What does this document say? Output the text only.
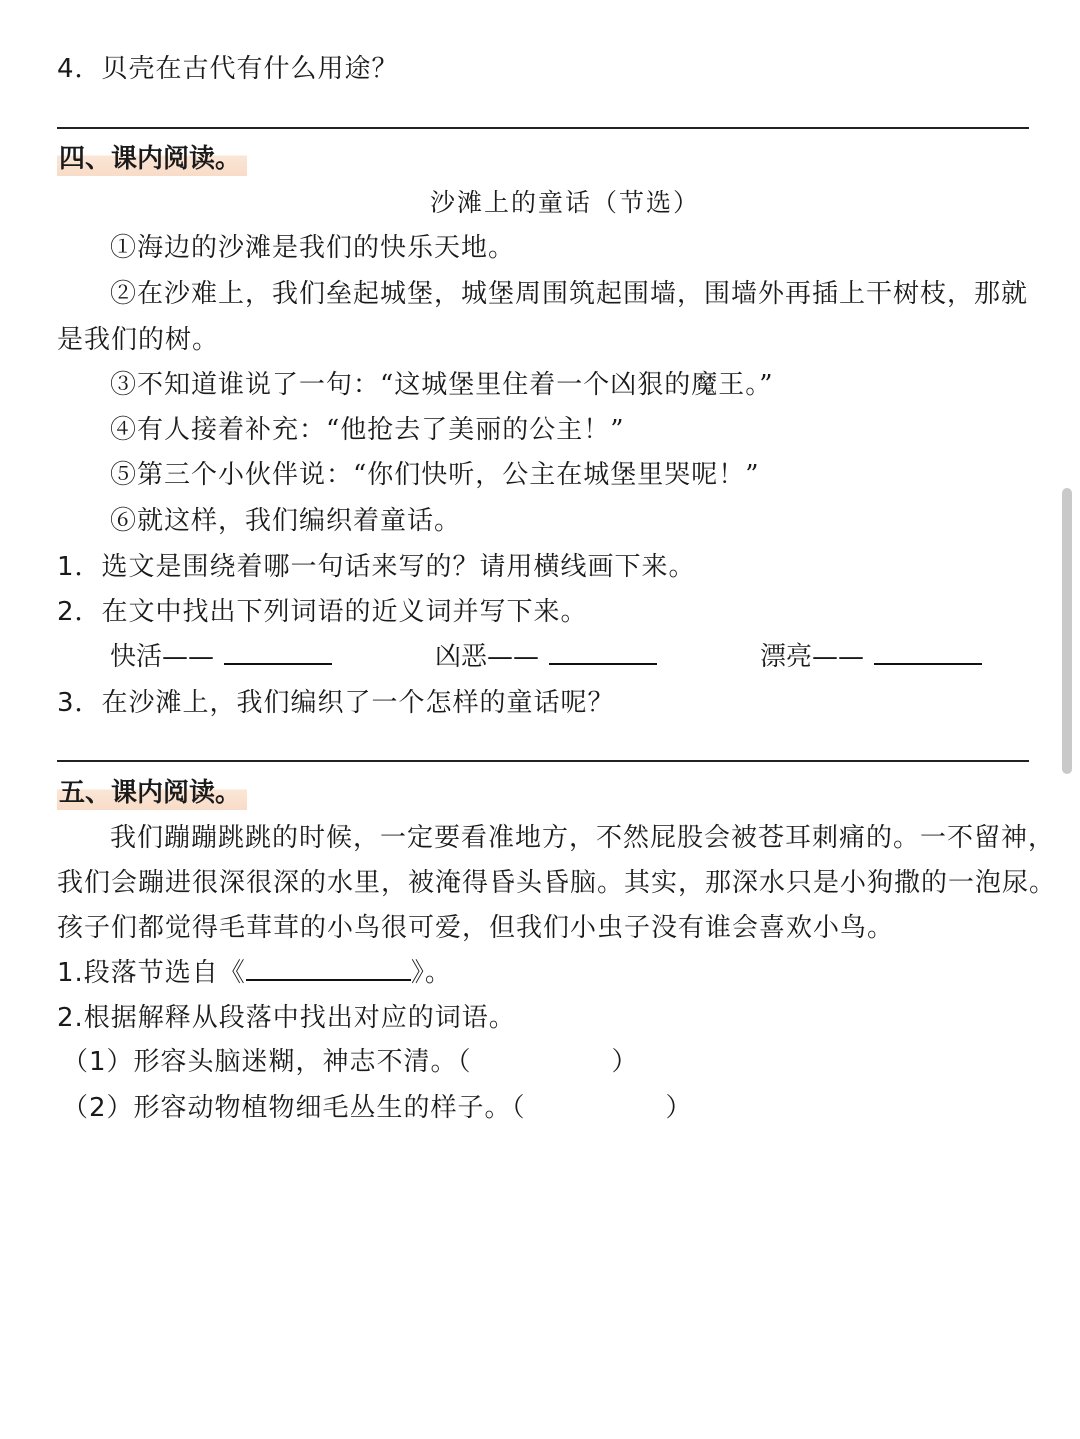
4．贝壳在古代有什么用途？
四、课内阅读。
沙滩上的童话（节选）
①海边的沙滩是我们的快乐天地。
②在沙难上，我们垒起城堡，城堡周围筑起围墙，围墙外再插上干树枝，那就
是我们的树。
③不知道谁说了一句：“这城堡里住着一个凶狠的魔王。”
④有人接着补充：“他抢去了美丽的公主！”
⑤第三个小伙伴说：“你们快听，公主在城堡里哭呢！”
⑥就这样，我们编织着童话。
1．选文是围绕着哪一句话来写的？请用横线画下来。
2．在文中找出下列词语的近义词并写下来。
快活——	凶恶——	漂亮——
3．在沙滩上，我们编织了一个怎样的童话呢？
五、课内阅读。
我们蹦蹦跳跳的时候，一定要看准地方，不然屁股会被苍耳刺痛的。一不留神，
我们会蹦进很深很深的水里，被淹得昏头昏脑。其实，那深水只是小狗撒的一泡尿。
孩子们都觉得毛茸茸的小鸟很可爱，但我们小虫子没有谁会喜欢小鸟。
1.段落节选自《	》。
2.根据解释从段落中找出对应的词语。
（1）形容头脑迷糊，神志不清。（	）
（2）形容动物植物细毛丛生的样子。（	）
